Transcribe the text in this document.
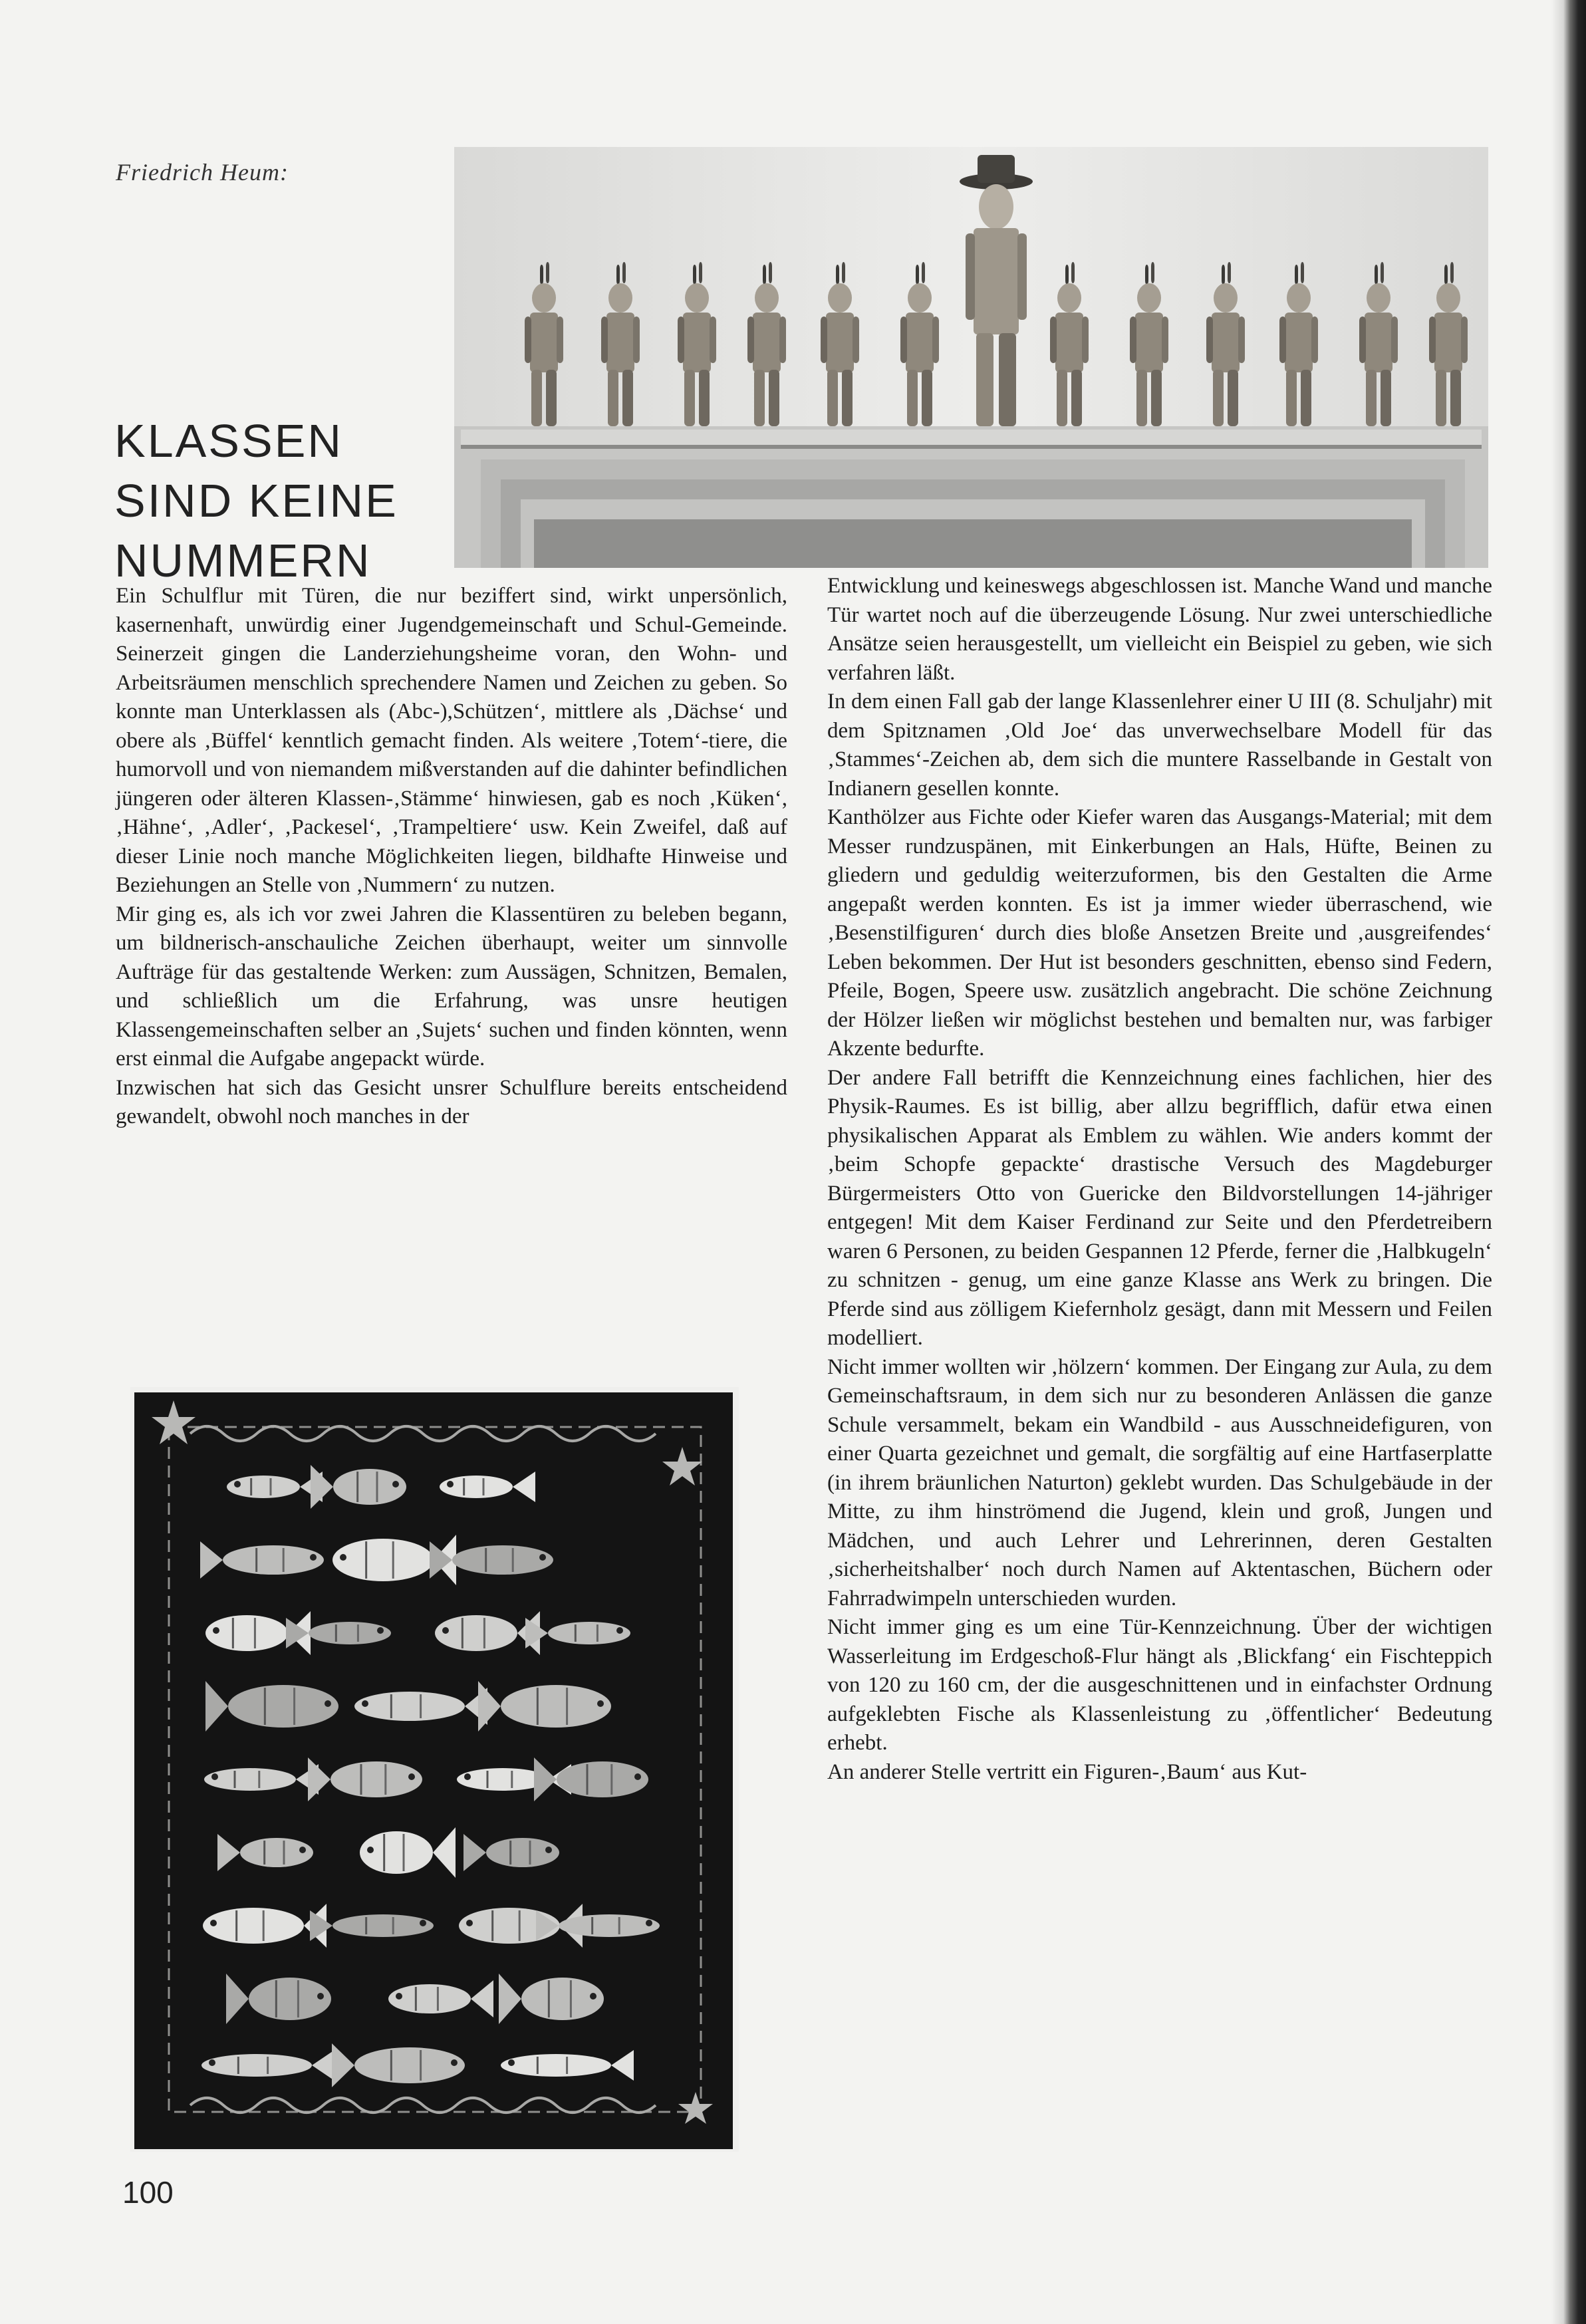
Friedrich Heum:
KLASSEN
SIND KEINE
NUMMERN

Ein Schulflur mit Türen, die nur beziffert sind, wirkt unpersönlich, kasernenhaft, unwürdig einer Jugendgemeinschaft und Schul-Gemeinde. Seinerzeit gingen die Landerziehungsheime voran, den Wohn- und Arbeitsräumen menschlich sprechendere Namen und Zeichen zu geben. So konnte man Unterklassen als (Abc-),Schützen‘, mittlere als ‚Dächse‘ und obere als ‚Büffel‘ kenntlich gemacht finden. Als weitere ‚Totem‘-tiere, die humorvoll und von niemandem mißverstanden auf die dahinter befindlichen jüngeren oder älteren Klassen-‚Stämme‘ hinwiesen, gab es noch ‚Küken‘, ‚Hähne‘, ‚Adler‘, ‚Packesel‘, ‚Trampeltiere‘ usw. Kein Zweifel, daß auf dieser Linie noch manche Möglichkeiten liegen, bildhafte Hinweise und Beziehungen an Stelle von ‚Nummern‘ zu nutzen.

Mir ging es, als ich vor zwei Jahren die Klassentüren zu beleben begann, um bildnerisch-anschauliche Zeichen überhaupt, weiter um sinnvolle Aufträge für das gestaltende Werken: zum Aussägen, Schnitzen, Bemalen, und schließlich um die Erfahrung, was unsre heutigen Klassengemeinschaften selber an ‚Sujets‘ suchen und finden könnten, wenn erst einmal die Aufgabe angepackt würde.

Inzwischen hat sich das Gesicht unsrer Schulflure bereits entscheidend gewandelt, obwohl noch manches in der

Entwicklung und keineswegs abgeschlossen ist. Manche Wand und manche Tür wartet noch auf die überzeugende Lösung. Nur zwei unterschiedliche Ansätze seien herausgestellt, um vielleicht ein Beispiel zu geben, wie sich verfahren läßt.

In dem einen Fall gab der lange Klassenlehrer einer U III (8. Schuljahr) mit dem Spitznamen ‚Old Joe‘ das unverwechselbare Modell für das ‚Stammes‘-Zeichen ab, dem sich die muntere Rasselbande in Gestalt von Indianern gesellen konnte.

Kanthölzer aus Fichte oder Kiefer waren das Ausgangs-Material; mit dem Messer rundzuspänen, mit Einkerbungen an Hals, Hüfte, Beinen zu gliedern und geduldig weiterzuformen, bis den Gestalten die Arme angepaßt werden konnten. Es ist ja immer wieder überraschend, wie ‚Besenstilfiguren‘ durch dies bloße Ansetzen Breite und ‚ausgreifendes‘ Leben bekommen. Der Hut ist besonders geschnitten, ebenso sind Federn, Pfeile, Bogen, Speere usw. zusätzlich angebracht. Die schöne Zeichnung der Hölzer ließen wir möglichst bestehen und bemalten nur, was farbiger Akzente bedurfte.

Der andere Fall betrifft die Kennzeichnung eines fachlichen, hier des Physik-Raumes. Es ist billig, aber allzu begrifflich, dafür etwa einen physikalischen Apparat als Emblem zu wählen. Wie anders kommt der ‚beim Schopfe gepackte‘ drastische Versuch des Magdeburger Bürgermeisters Otto von Guericke den Bildvorstellungen 14-jähriger entgegen! Mit dem Kaiser Ferdinand zur Seite und den Pferdetreibern waren 6 Personen, zu beiden Gespannen 12 Pferde, ferner die ‚Halbkugeln‘ zu schnitzen - genug, um eine ganze Klasse ans Werk zu bringen. Die Pferde sind aus zölligem Kiefernholz gesägt, dann mit Messern und Feilen modelliert.

Nicht immer wollten wir ‚hölzern‘ kommen. Der Eingang zur Aula, zu dem Gemeinschaftsraum, in dem sich nur zu besonderen Anlässen die ganze Schule versammelt, bekam ein Wandbild - aus Ausschneidefiguren, von einer Quarta gezeichnet und gemalt, die sorgfältig auf eine Hartfaserplatte (in ihrem bräunlichen Naturton) geklebt wurden. Das Schulgebäude in der Mitte, zu ihm hinströmend die Jugend, klein und groß, Jungen und Mädchen, und auch Lehrer und Lehrerinnen, deren Gestalten ‚sicherheitshalber‘ noch durch Namen auf Aktentaschen, Büchern oder Fahrradwimpeln unterschieden wurden.

Nicht immer ging es um eine Tür-Kennzeichnung. Über der wichtigen Wasserleitung im Erdgeschoß-Flur hängt als ‚Blickfang‘ ein Fischteppich von 120 zu 160 cm, der die ausgeschnittenen und in einfachster Ordnung aufgeklebten Fische als Klassenleistung zu ‚öffentlicher‘ Bedeutung erhebt.

An anderer Stelle vertritt ein Figuren-‚Baum‘ aus Kut-

100
